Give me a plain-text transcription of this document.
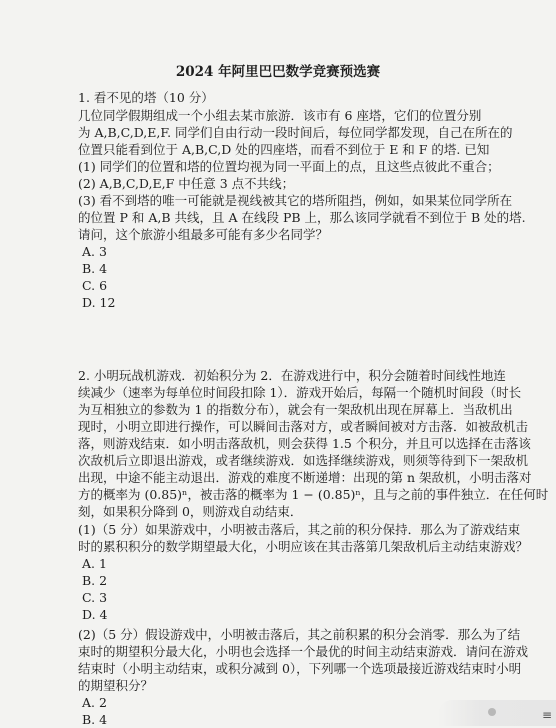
2024 年阿里巴巴数学竞赛预选赛
1. 看不见的塔（10 分）
几位同学假期组成一个小组去某市旅游．该市有 6 座塔，它们的位置分别
为 A,B,C,D,E,F. 同学们自由行动一段时间后，每位同学都发现，自己在所在的
位置只能看到位于 A,B,C,D 处的四座塔，而看不到位于 E 和 F 的塔. 已知
(1) 同学们的位置和塔的位置均视为同一平面上的点，且这些点彼此不重合；
(2) A,B,C,D,E,F 中任意 3 点不共线；
(3) 看不到塔的唯一可能就是视线被其它的塔所阻挡，例如，如果某位同学所在
的位置 P 和 A,B 共线，且 A 在线段 PB 上，那么该同学就看不到位于 B 处的塔.
请问，这个旅游小组最多可能有多少名同学？
A. 3
B. 4
C. 6
D. 12
2. 小明玩战机游戏．初始积分为 2．在游戏进行中，积分会随着时间线性地连
续减少（速率为每单位时间段扣除 1）．游戏开始后，每隔一个随机时间段（时长
为互相独立的参数为 1 的指数分布），就会有一架敌机出现在屏幕上．当敌机出
现时，小明立即进行操作，可以瞬间击落对方，或者瞬间被对方击落．如被敌机击
落，则游戏结束．如小明击落敌机，则会获得 1.5 个积分，并且可以选择在击落该
次敌机后立即退出游戏，或者继续游戏．如选择继续游戏，则须等待到下一架敌机
出现，中途不能主动退出．游戏的难度不断递增：出现的第 n 架敌机，小明击落对
方的概率为 (0.85)ⁿ，被击落的概率为 1 − (0.85)ⁿ，且与之前的事件独立．在任何时
刻，如果积分降到 0，则游戏自动结束．
(1)（5 分）如果游戏中，小明被击落后，其之前的积分保持．那么为了游戏结束
时的累积积分的数学期望最大化，小明应该在其击落第几架敌机后主动结束游戏？
A. 1
B. 2
C. 3
D. 4
(2)（5 分）假设游戏中，小明被击落后，其之前积累的积分会消零．那么为了结
束时的期望积分最大化，小明也会选择一个最优的时间主动结束游戏．请问在游戏
结束时（小明主动结束，或积分减到 0），下列哪一个选项最接近游戏结束时小明
的期望积分？
A. 2
B. 4	≡
